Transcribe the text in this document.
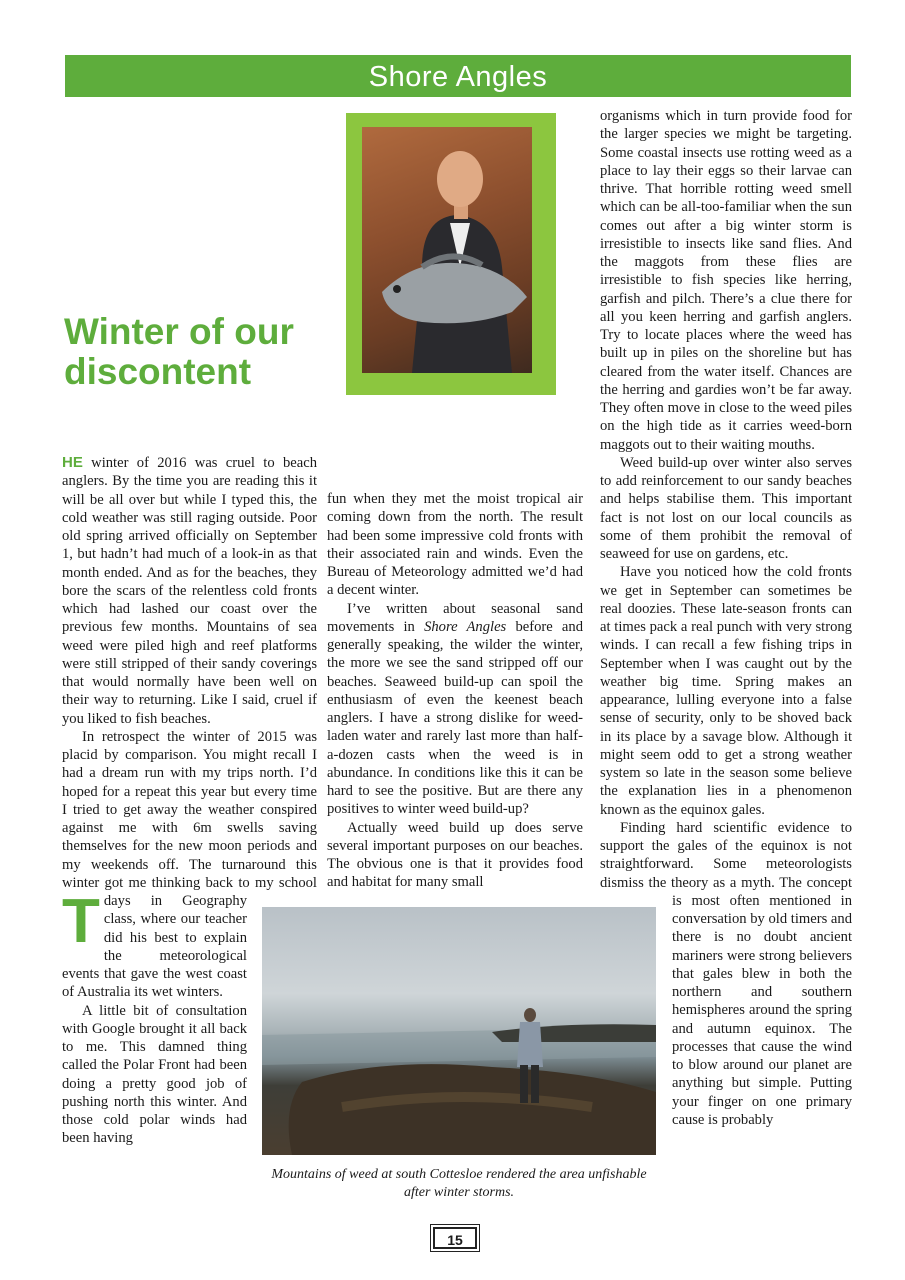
Shore Angles
Winter of our discontent

T
HE winter of 2016 was cruel to beach anglers. By the time you are reading this it will be all over but while I typed this, the cold weather was still raging outside. Poor old spring arrived officially on September 1, but hadn’t had much of a look-in as that month ended. And as for the beaches, they bore the scars of the relentless cold fronts which had lashed our coast over the previous few months. Mountains of sea weed were piled high and reef platforms were still stripped of their sandy coverings that would normally have been well on their way to returning. Like I said, cruel if you liked to fish beaches.

In retrospect the winter of 2015 was placid by comparison. You might recall I had a dream run with my trips north. I’d hoped for a repeat this year but every time I tried to get away the weather conspired against me with 6m swells saving themselves for the new moon periods and my weekends off. The turnaround this winter got me thinking back to my school days in Geography class, where our teacher did his best to explain the meteorological events that gave the west coast of Australia its wet winters.

A little bit of consultation with Google brought it all back to me. This damned thing called the Polar Front had been doing a pretty good job of pushing north this winter. And those cold polar winds had been having

fun when they met the moist tropical air coming down from the north. The result had been some impressive cold fronts with their associated rain and winds. Even the Bureau of Meteorology admitted we’d had a decent winter.

I’ve written about seasonal sand movements in Shore Angles before and generally speaking, the wilder the winter, the more we see the sand stripped off our beaches. Seaweed build-up can spoil the enthusiasm of even the keenest beach anglers. I have a strong dislike for weed-laden water and rarely last more than half-a-dozen casts when the weed is in abundance. In conditions like this it can be hard to see the positive. But are there any positives to winter weed build-up?

Actually weed build up does serve several important purposes on our beaches. The obvious one is that it provides food and habitat for many small

organisms which in turn provide food for the larger species we might be targeting. Some coastal insects use rotting weed as a place to lay their eggs so their larvae can thrive. That horrible rotting weed smell which can be all-too-familiar when the sun comes out after a big winter storm is irresistible to insects like sand flies. And the maggots from these flies are irresistible to fish species like herring, garfish and pilch. There’s a clue there for all you keen herring and garfish anglers. Try to locate places where the weed has built up in piles on the shoreline but has cleared from the water itself. Chances are the herring and gardies won’t be far away. They often move in close to the weed piles on the high tide as it carries weed-born maggots out to their waiting mouths.

Weed build-up over winter also serves to add reinforcement to our sandy beaches and helps stabilise them. This important fact is not lost on our local councils as some of them prohibit the removal of seaweed for use on gardens, etc.

Have you noticed how the cold fronts we get in September can sometimes be real doozies. These late-season fronts can at times pack a real punch with very strong winds. I can recall a few fishing trips in September when I was caught out by the weather big time. Spring makes an appearance, lulling everyone into a false sense of security, only to be shoved back in its place by a savage blow. Although it might seem odd to get a strong weather system so late in the season some believe the explanation lies in a phenomenon known as the equinox gales.

Finding hard scientific evidence to support the gales of the equinox is not straightforward. Some meteorologists dismiss the theory as a myth. The concept is most often mentioned in conversation by old timers and there is no doubt ancient mariners were strong believers that gales blew in both the northern and southern hemispheres around the spring and autumn equinox. The processes that cause the wind to blow around our planet are anything but simple. Putting your finger on one primary cause is probably

Mountains of weed at south Cottesloe rendered the area unfishable after winter storms.
15
